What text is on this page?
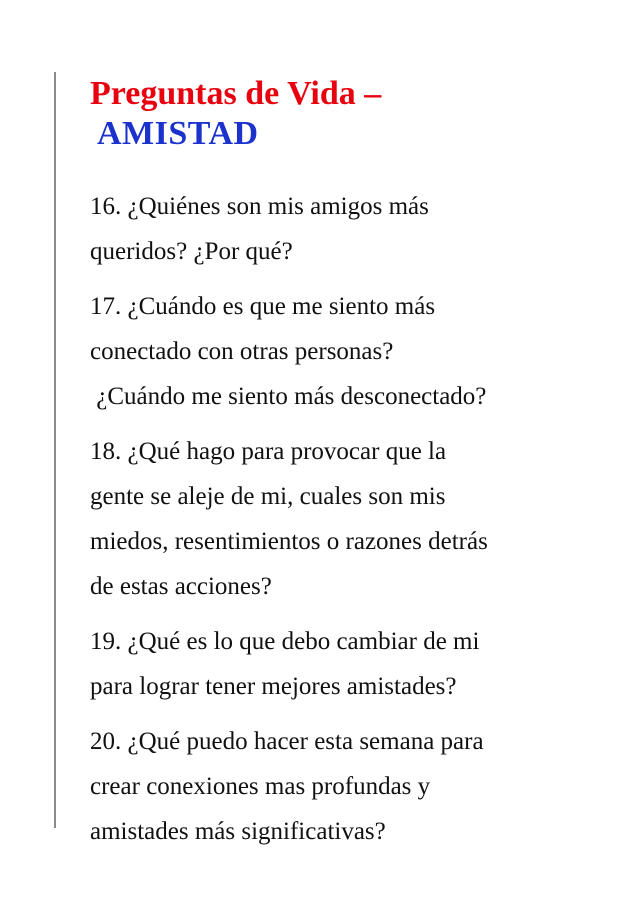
Preguntas de Vida –
AMISTAD

16. ¿Quiénes son mis amigos más
queridos? ¿Por qué?

17. ¿Cuándo es que me siento más
conectado con otras personas?
¿Cuándo me siento más desconectado?

18. ¿Qué hago para provocar que la
gente se aleje de mi, cuales son mis
miedos, resentimientos o razones detrás
de estas acciones?

19. ¿Qué es lo que debo cambiar de mi
para lograr tener mejores amistades?

20. ¿Qué puedo hacer esta semana para
crear conexiones mas profundas y
amistades más significativas?
